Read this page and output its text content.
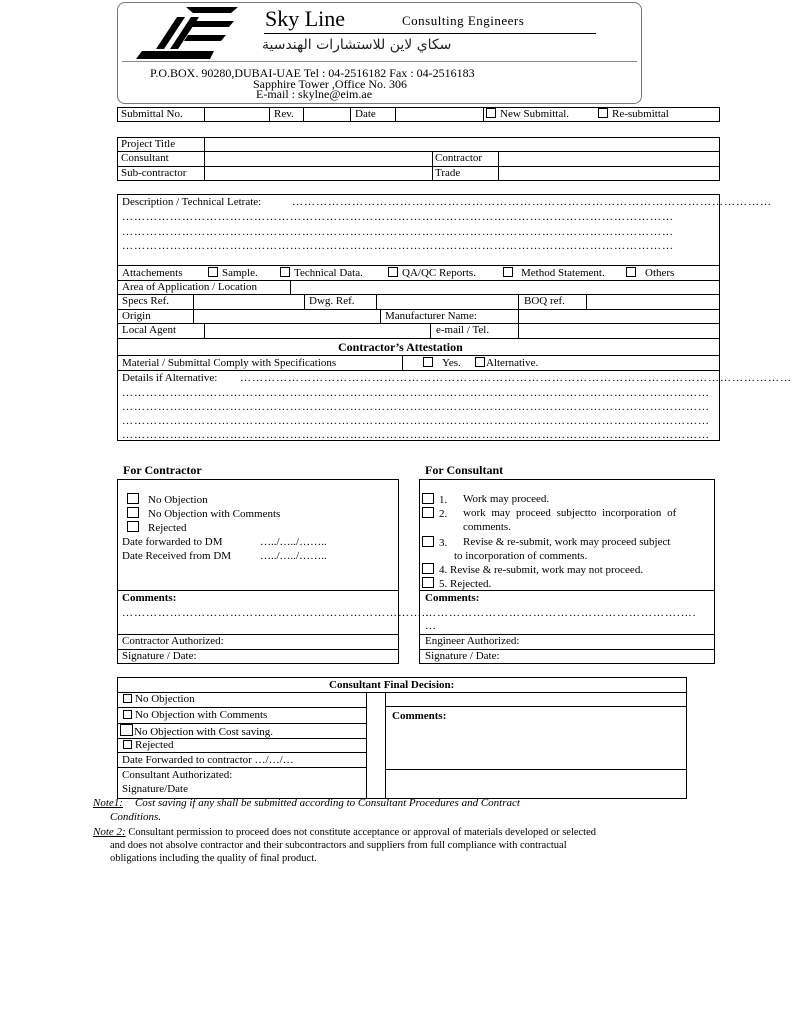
Sky Line	Consulting Engineers
سكاي لاين للاستشارات الهندسية
P.O.BOX. 90280,DUBAI-UAE Tel : 04-2516182 Fax : 04-2516183
Sapphire Tower ,Office No. 306
E-mail : skylne@eim.ae
Submittal No.	Rev.	Date	New Submittal.	Re-submittal
Project Title
Consultant	Contractor
Sub-contractor	Trade
Description / Technical Letrate:	…………………………………………………………………………………………………………
…………………………………………………………………………………………………………………………
…………………………………………………………………………………………………………………………
…………………………………………………………………………………………………………………………
Attachements	Sample.	Technical Data.	QA/QC Reports.	Method Statement.	Others
Area of Application / Location
Specs Ref.	Dwg. Ref.	BOQ ref.
Origin	Manufacturer Name:
Local Agent	e-mail / Tel.
Contractor’s Attestation
Material / Submittal Comply with Specifications	Yes.	Alternative.
Details if Alternative: …………………………………………………………………………………………………………………………
…………………………………………………………………………………………………………………………………
…………………………………………………………………………………………………………………………………
…………………………………………………………………………………………………………………………………
…………………………………………………………………………………………………………………………………
For Contractor
No Objection
No Objection with Comments
Rejected
Date forwarded to DM	…../…../……..
Date Received from DM	…../…../……..
Comments:
…………………………………………………………………..
Contractor Authorized:
Signature / Date:
For Consultant
1. Work may proceed.
2. work may proceed subjectto incorporation of
comments.
3. Revise & re-submit, work may proceed subject
to incorporation of comments.
4. Revise & re-submit, work may not proceed.
5. Rejected.
Comments:
……………………………………………………….….
…
Engineer Authorized:
Signature / Date:
Consultant Final Decision:
No Objection
No Objection with Comments
No Objection with Cost saving.
Rejected
Date Forwarded to contractor …/…/…
Consultant Authorizated:
Signature/Date
Comments:
Note1: Cost saving if any shall be submitted according to Consultant Procedures and Contract
Conditions.
Note 2: Consultant permission to proceed does not constitute acceptance or approval of materials developed or selected
and does not absolve contractor and their subcontractors and suppliers from full compliance with contractual
obligations including the quality of final product.
